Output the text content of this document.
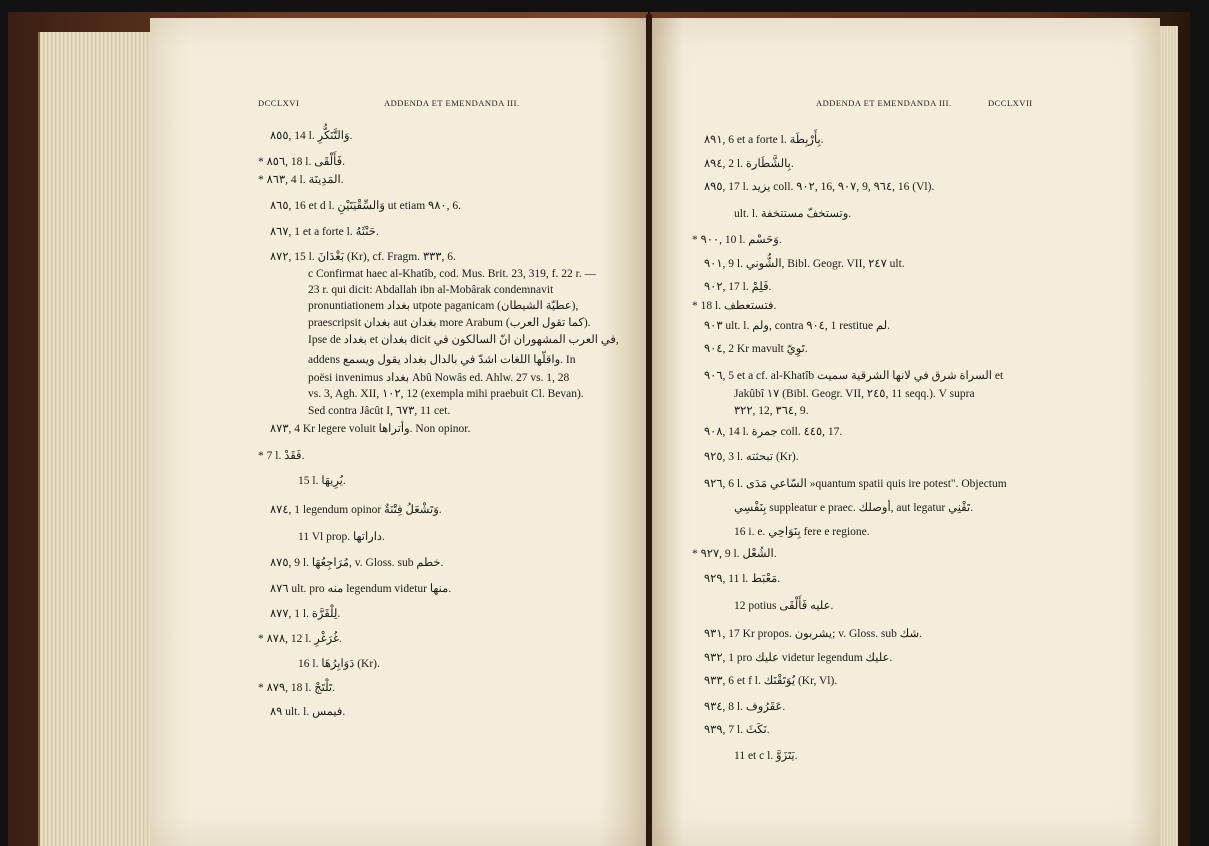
DCCLXVI	ADDENDA ET EMENDANDA III.
٨٥٥, 14 l. وَالتَّنَكُّرِ.
* ٨٥٦, 18 l. فَأَلْقَى.
* ٨٦٣, 4 l. المَدِينَة.
٨٦٥, 16 et d l. وَالسِّقْيَتَيْنِ ut etiam ٩٨٠, 6.
٨٦٧, 1 et a forte l. حَنْثَهُ.
٨٧٢, 15 l. بَغْدَانَ (Kr), cf. Fragm. ٣٣٣, 6.
c Confirmat haec al-Khatîb, cod. Mus. Brit. 23, 319, f. 22 r. —
23 r. qui dicit: Abdallah ibn al-Mobârak condemnavit
pronuntiationem بغداد utpote paganicam (عطيّة الشيطان),
praescripsit بغدان aut بغدان more Arabum (كما تقول العرب).
Ipse de بغداد et بغدان dicit في العرب المشهوران انّ السالكون في,
addens واقلّها اللغات اشدّ في بالدال بغداد يقول ويسمع. In
poësi invenimus بغداد Abû Nowâs ed. Ahlw. 27 vs. 1, 28
vs. 3, Agh. XII, ١٠٢, 12 (exempla mihi praebuit Cl. Bevan).
Sed contra Jâcût I, ٦٧٣, 11 cet.
٨٧٣, 4 Kr legere voluit وأتراها. Non opinor.
* 7 l. فَقَدْ.
15 l. يُرِيهَا.
٨٧٤, 1 legendum opinor وَتَشْعَلُ فِتْنَةٌ.
11 Vl prop. داراتها.
٨٧٥, 9 l. مُرَاجِعُهَا, v. Gloss. sub خطم.
٨٧٦ ult. pro منه legendum videtur منها.
٨٧٧, 1 l. لِلْقَرَّة.
* ٨٧٨, 12 l. غُرَغْرِ.
16 l. دَوَابِرُهَا (Kr).
* ٨٧٩, 18 l. تَلْتَجْ.
٨٩ ult. l. فيمس.
ADDENDA ET EMENDANDA III.	DCCLXVII
٨٩١, 6 et a forte l. بِأَرْبِطَة.
٨٩٤, 2 l. بِالشَّطَارة.
٨٩٥, 17 l. يزيد coll. ٩٠٢, 16, ٩٠٧, 9, ٩٦٤, 16 (Vl).
ult. l. وتستخفّ مستتخفة.
* ٩٠٠, 10 l. وَحَسْم.
٩٠١, 9 l. الشُّوني, Bibl. Geogr. VII, ٢٤٧ ult.
٩٠٢, 17 l. فَلِمْ.
* 18 l. فتستعطف.
٩٠٣ ult. l. ولم, contra ٩٠٤, 1 restitue لم.
٩٠٤, 2 Kr mavult تَوِيّ.
٩٠٦, 5 et a cf. al-Khatîb السراة شرق في لانها الشرقية سميت et
Jakûbî ١٧ (Bibl. Geogr. VII, ٢٤٥, 11 seqq.). V supra
٣٢٢, 12, ٣٦٤, 9.
٩٠٨, 14 l. جمرة coll. ٤٤٥, 17.
٩٢٥, 3 l. تبحثته (Kr).
٩٢٦, 6 l. السّاعي مَدَى »quantum spatii quis ire potest". Objectum
بِنَفْسِي suppleatur e praec. أوصلك, aut legatur تَقْنِي.
16 i. e. بِنَوَاحِي fere e regione.
* ٩٢٧, 9 l. الشُعْل.
٩٢٩, 11 l. مَعْبَط.
12 potius عليه فَأَلْقَى.
٩٣١, 17 Kr propos. يشربون; v. Gloss. sub شك.
٩٣٢, 1 pro عليك videtur legendum عليك.
٩٣٣, 6 et f l. يُوَتَقْنَك (Kr, Vl).
٩٣٤, 8 l. عَقَرُوف.
٩٣٩, 7 l. نَكَثَ.
11 et c l. يَتَزَوَّ.
